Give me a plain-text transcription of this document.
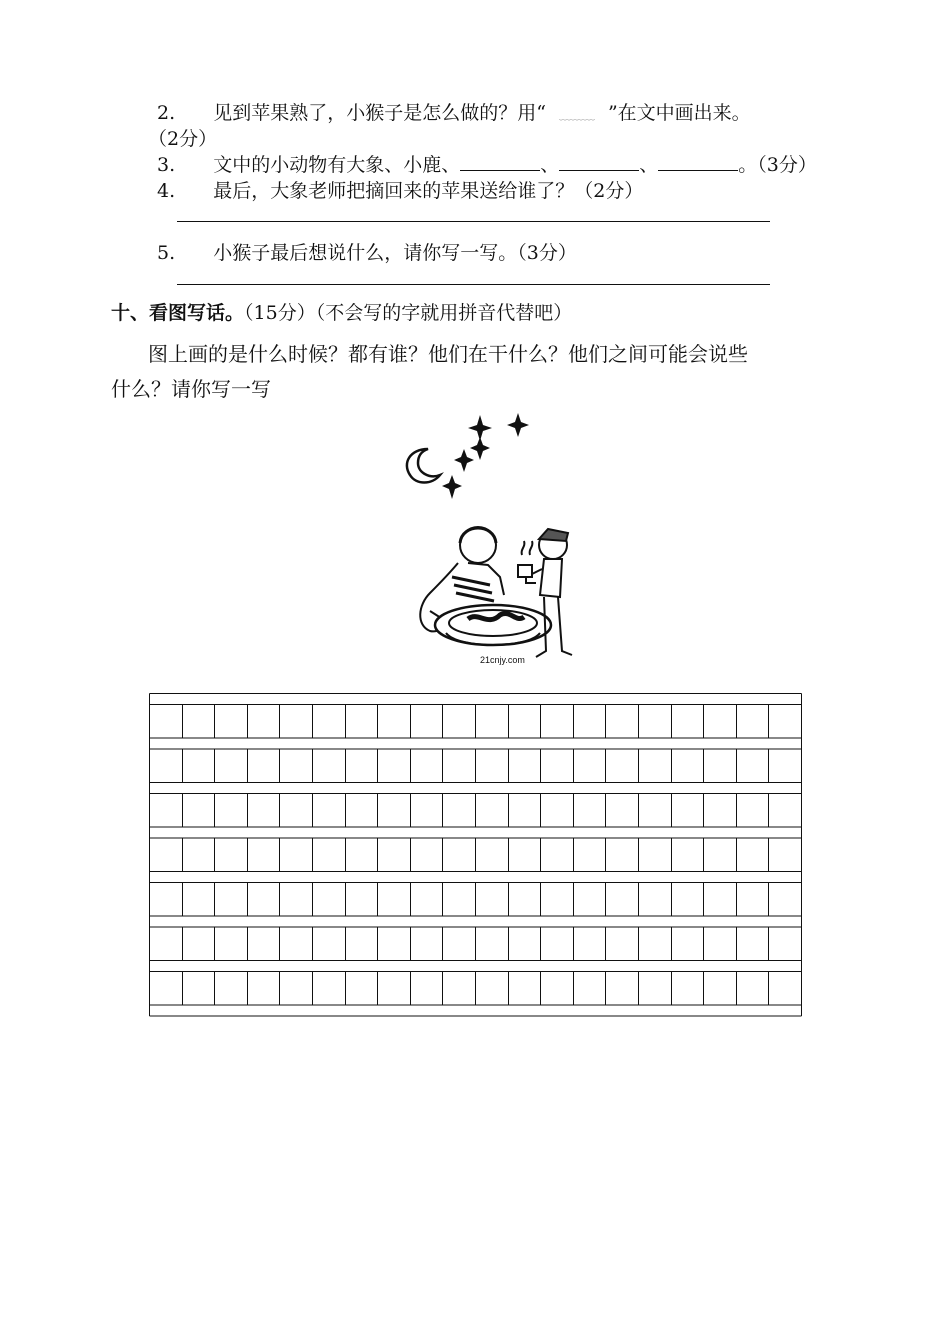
2. 见到苹果熟了，小猴子是怎么做的？用“ ﹏﹏﹏ ”在文中画出来。
（2分）
3. 文中的小动物有大象、小鹿、	、	、	。（3分）
4. 最后，大象老师把摘回来的苹果送给谁了？（2分）
5. 小猴子最后想说什么，请你写一写。（3分）
十、看图写话。（15分）（不会写的字就用拼音代替吧）
图上画的是什么时候？都有谁？他们在干什么？他们之间可能会说些
什么？请你写一写
21cnjy.com
